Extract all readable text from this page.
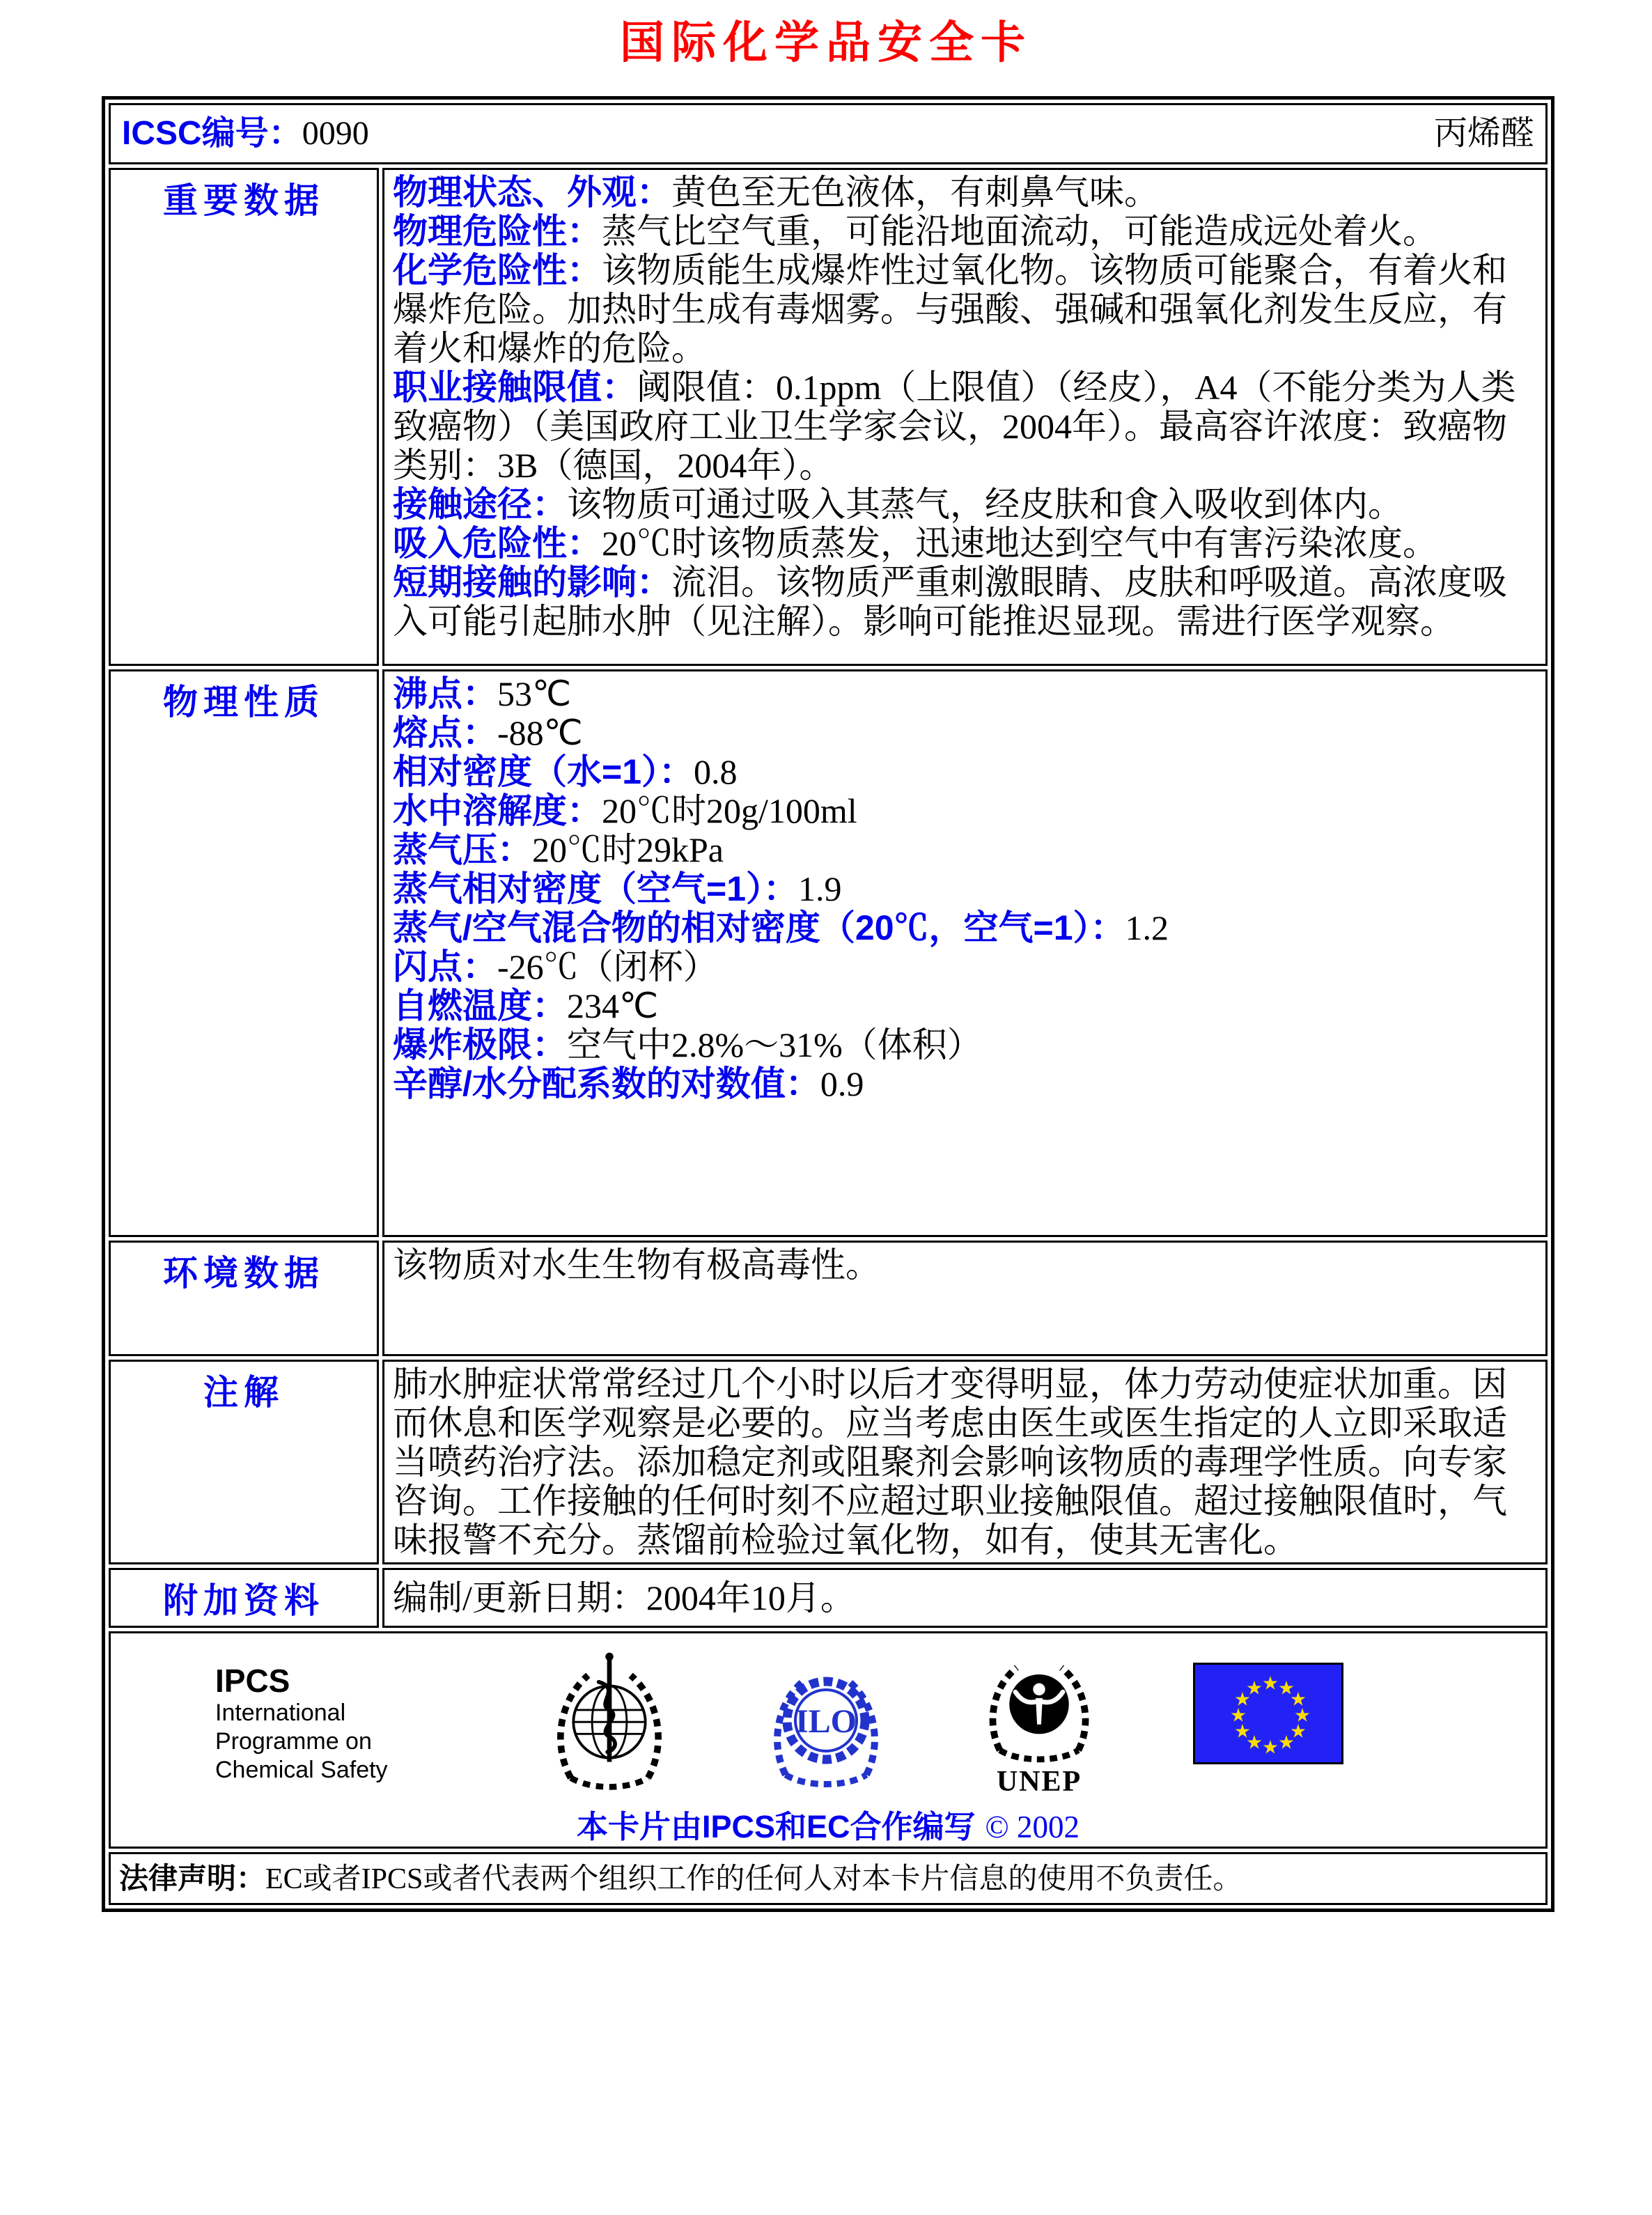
国际化学品安全卡
ICSC编号：0090 丙烯醛	

重要数据	物理状态、外观：黄色至无色液体，有刺鼻气味。

物理危险性：蒸气比空气重，可能沿地面流动，可能造成远处着火。

化学危险性：该物质能生成爆炸性过氧化物。该物质可能聚合，有着火和爆炸危险。加热时生成有毒烟雾。与强酸、强碱和强氧化剂发生反应，有着火和爆炸的危险。

职业接触限值：阈限值：0.1ppm（上限值）（经皮），A4（不能分类为人类致癌物）（美国政府工业卫生学家会议，2004年）。最高容许浓度：致癌物类别：3B（德国，2004年）。

接触途径：该物质可通过吸入其蒸气，经皮肤和食入吸收到体内。

吸入危险性：20℃时该物质蒸发，迅速地达到空气中有害污染浓度。

短期接触的影响：流泪。该物质严重刺激眼睛、皮肤和呼吸道。高浓度吸入可能引起肺水肿（见注解）。影响可能推迟显现。需进行医学观察。

物理性质	沸点：53℃

熔点：-88℃

相对密度（水=1）：0.8

水中溶解度：20℃时20g/100ml

蒸气压：20℃时29kPa

蒸气相对密度（空气=1）：1.9

蒸气/空气混合物的相对密度（20℃，空气=1）：1.2

闪点：-26℃（闭杯）

自燃温度：234℃

爆炸极限：空气中2.8%～31%（体积）

辛醇/水分配系数的对数值：0.9

环境数据	该物质对水生生物有极高毒性。

注解	肺水肿症状常常经过几个小时以后才变得明显，体力劳动使症状加重。因而休息和医学观察是必要的。应当考虑由医生或医生指定的人立即采取适当喷药治疗法。添加稳定剂或阻聚剂会影响该物质的毒理学性质。向专家咨询。工作接触的任何时刻不应超过职业接触限值。超过接触限值时，气味报警不充分。蒸馏前检验过氧化物，如有，使其无害化。

附加资料	编制/更新日期：2004年10月。

IPCS
International
Programme on
Chemical Safety
ILO
UNEP
★
★
★
★
★
★
★
★
★
★
★
★
本卡片由IPCS和EC合作编写 © 2002

法律声明：EC或者IPCS或者代表两个组织工作的任何人对本卡片信息的使用不负责任。	
